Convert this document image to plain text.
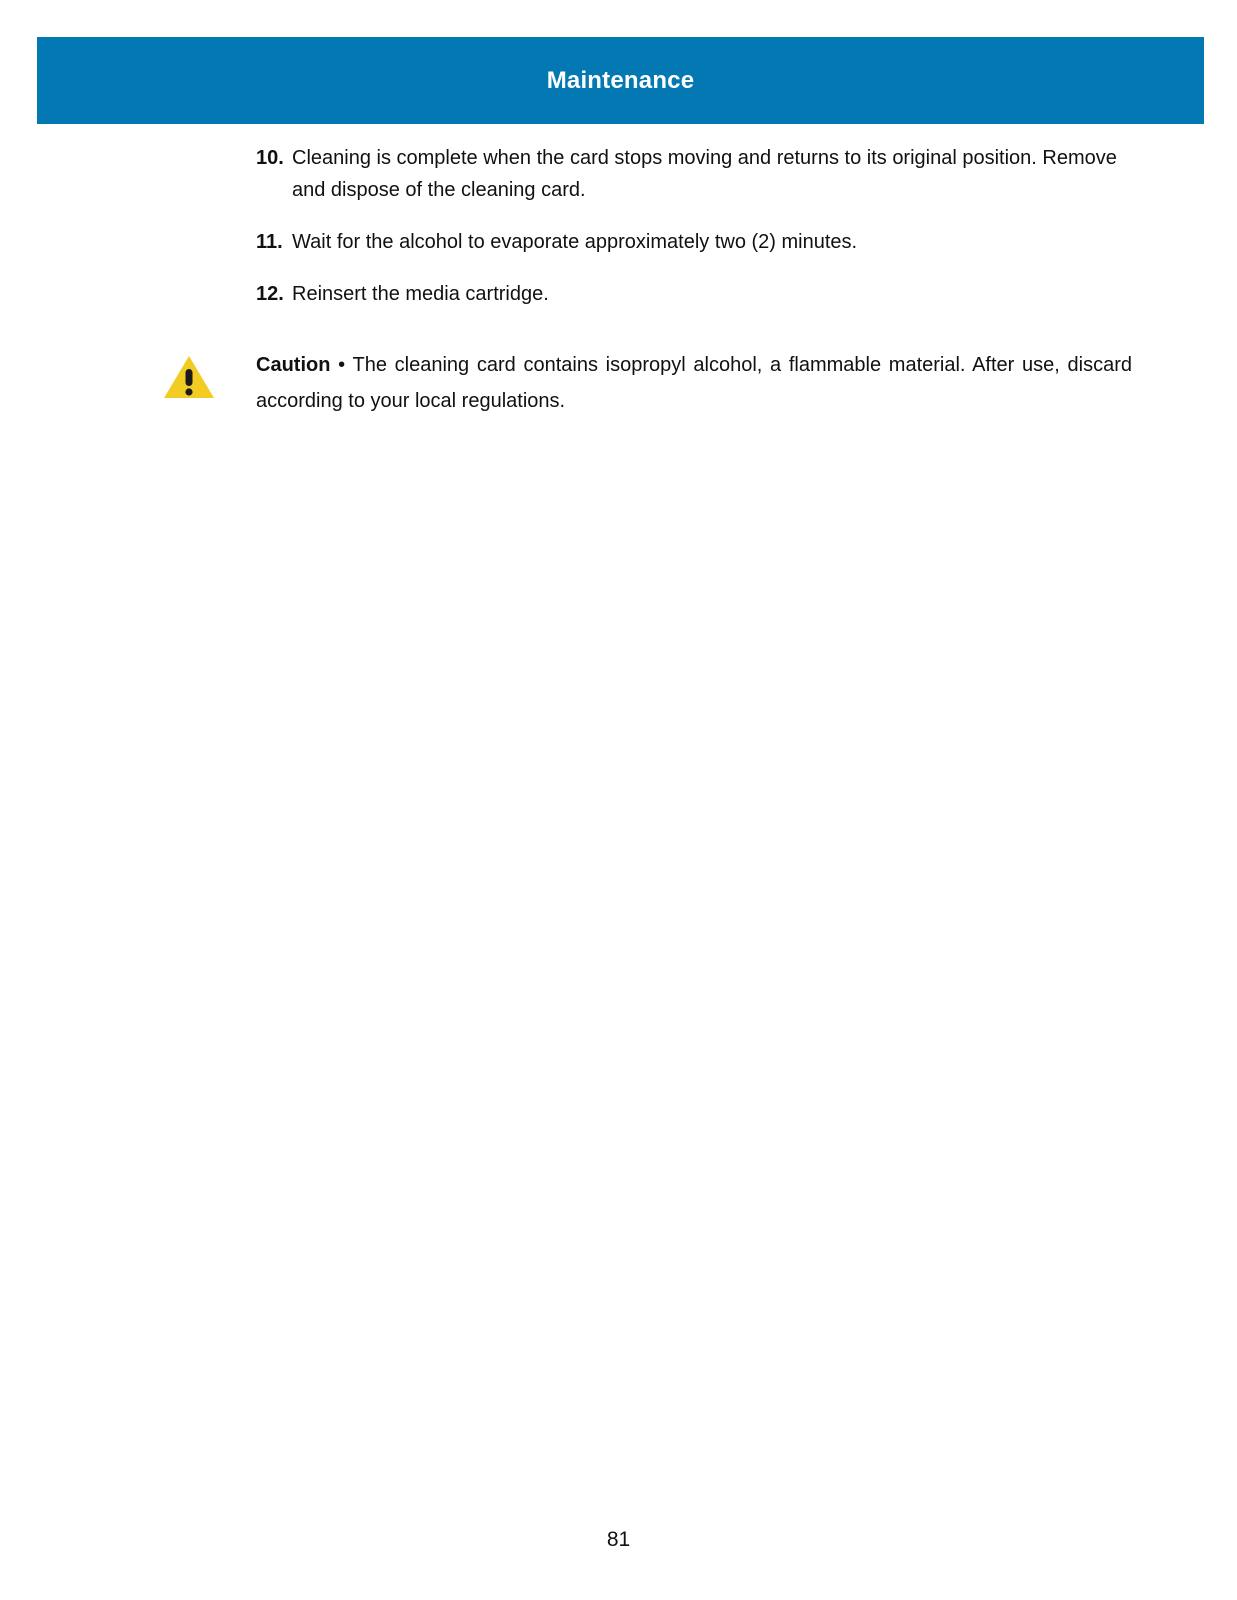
Maintenance
10. Cleaning is complete when the card stops moving and returns to its original position. Remove and dispose of the cleaning card.
11. Wait for the alcohol to evaporate approximately two (2) minutes.
12. Reinsert the media cartridge.
Caution • The cleaning card contains isopropyl alcohol, a flammable material. After use, discard according to your local regulations.
81
